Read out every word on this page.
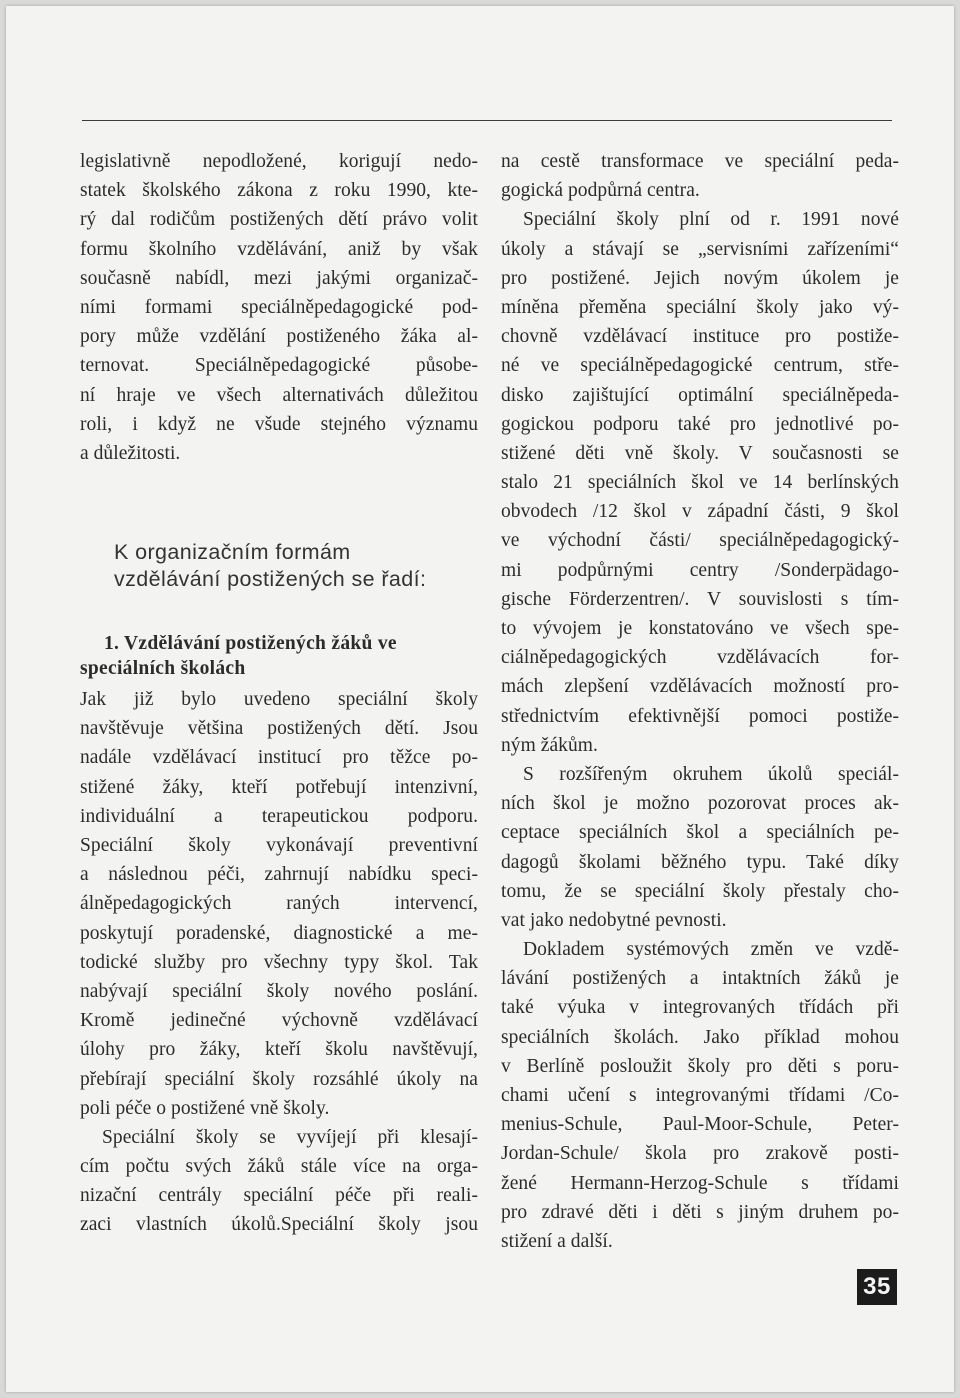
legislativně nepodložené, korigují nedo-
statek školského zákona z roku 1990, kte-
rý dal rodičům postižených dětí právo volit
formu školního vzdělávání, aniž by však
současně nabídl, mezi jakými organizač-
ními formami speciálněpedagogické pod-
pory může vzdělání postiženého žáka al-
ternovat. Speciálněpedagogické působe-
ní hraje ve všech alternativách důležitou
roli, i když ne všude stejného významu
a důležitosti.
K organizačním formám
vzdělávání postižených se řadí:
1. Vzdělávání postižených žáků ve
speciálních školách
Jak již bylo uvedeno speciální školy
navštěvuje většina postižených dětí. Jsou
nadále vzdělávací institucí pro těžce po-
stižené žáky, kteří potřebují intenzivní,
individuální a terapeutickou podporu.
Speciální školy vykonávají preventivní
a následnou péči, zahrnují nabídku speci-
álněpedagogických raných intervencí,
poskytují poradenské, diagnostické a me-
todické služby pro všechny typy škol. Tak
nabývají speciální školy nového poslání.
Kromě jedinečné výchovně vzdělávací
úlohy pro žáky, kteří školu navštěvují,
přebírají speciální školy rozsáhlé úkoly na
poli péče o postižené vně školy.
Speciální školy se vyvíjejí při klesají-
cím počtu svých žáků stále více na orga-
nizační centrály speciální péče při reali-
zaci vlastních úkolů.Speciální školy jsou
na cestě transformace ve speciální peda-
gogická podpůrná centra.
Speciální školy plní od r. 1991 nové
úkoly a stávají se „servisními zařízeními“
pro postižené. Jejich novým úkolem je
míněna přeměna speciální školy jako vý-
chovně vzdělávací instituce pro postiže-
né ve speciálněpedagogické centrum, stře-
disko zajištující optimální speciálněpeda-
gogickou podporu také pro jednotlivé po-
stižené děti vně školy. V současnosti se
stalo 21 speciálních škol ve 14 berlínských
obvodech /12 škol v západní části, 9 škol
ve východní části/ speciálněpedagogický-
mi podpůrnými centry /Sonderpädago-
gische Förderzentren/. V souvislosti s tím-
to vývojem je konstatováno ve všech spe-
ciálněpedagogických vzdělávacích for-
mách zlepšení vzdělávacích možností pro-
střednictvím efektivnější pomoci postiže-
ným žákům.
S rozšířeným okruhem úkolů speciál-
ních škol je možno pozorovat proces ak-
ceptace speciálních škol a speciálních pe-
dagogů školami běžného typu. Také díky
tomu, že se speciální školy přestaly cho-
vat jako nedobytné pevnosti.
Dokladem systémových změn ve vzdě-
lávání postižených a intaktních žáků je
také výuka v integrovaných třídách při
speciálních školách. Jako příklad mohou
v Berlíně posloužit školy pro děti s poru-
chami učení s integrovanými třídami /Co-
menius-Schule, Paul-Moor-Schule, Peter-
Jordan-Schule/ škola pro zrakově posti-
žené Hermann-Herzog-Schule s třídami
pro zdravé děti i děti s jiným druhem po-
stižení a další.
35
